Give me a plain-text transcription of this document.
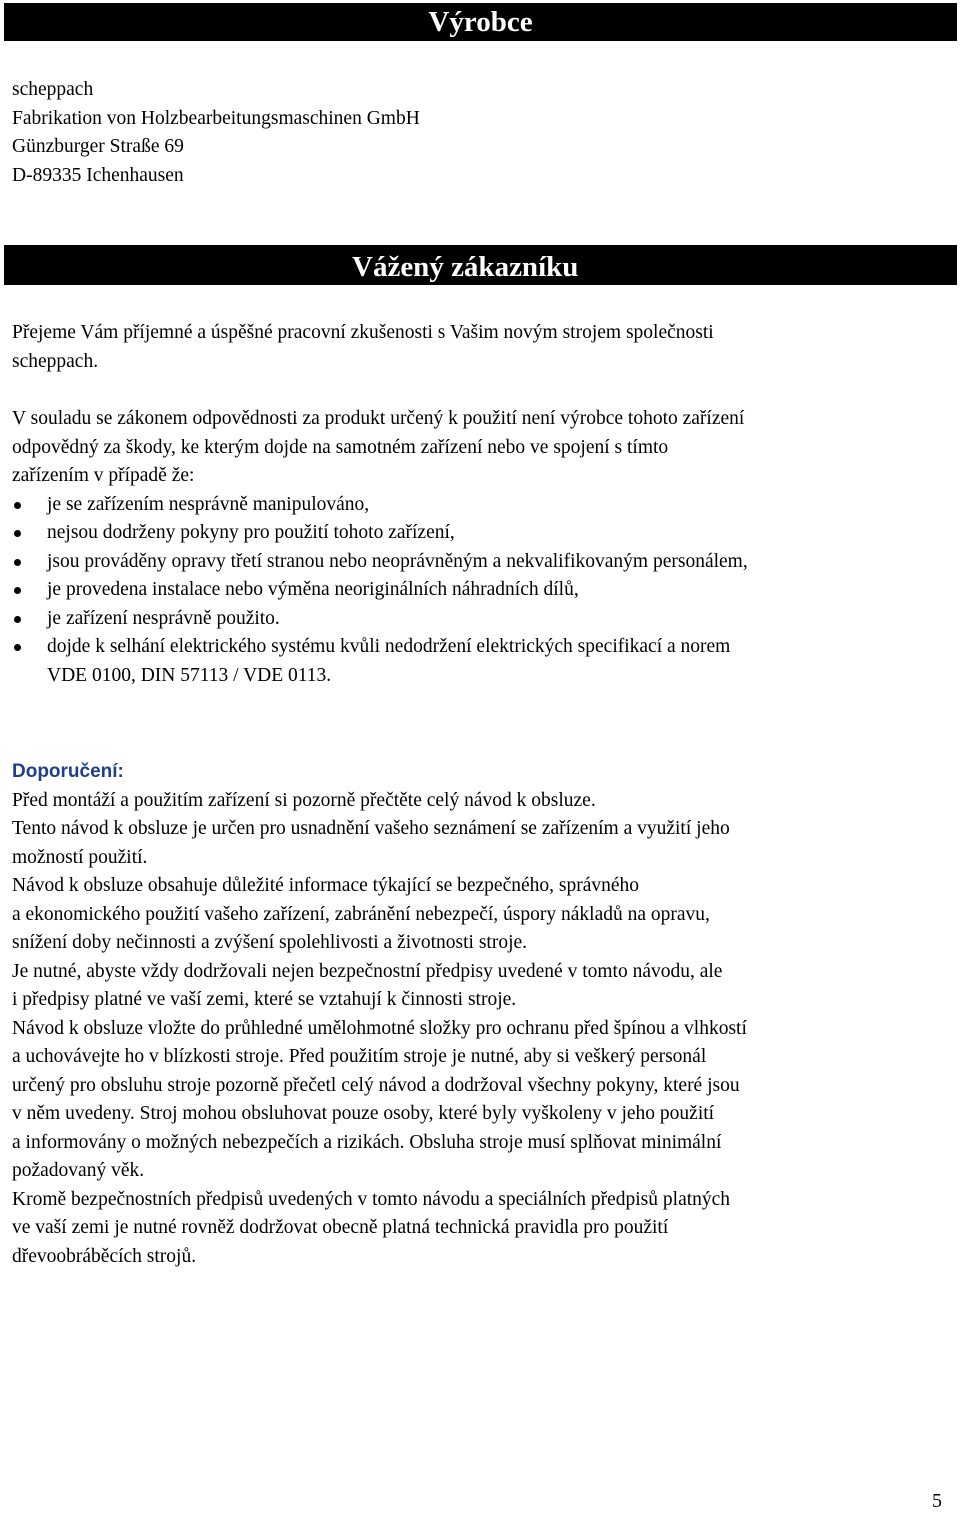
Výrobce

scheppach

Fabrikation von Holzbearbeitungsmaschinen GmbH

Günzburger Straße 69

D-89335 Ichenhausen

Vážený zákazníku

Přejeme Vám příjemné a úspěšné pracovní zkušenosti s Vašim novým strojem společnosti

scheppach.

V souladu se zákonem odpovědnosti za produkt určený k použití není výrobce tohoto zařízení

odpovědný za škody, ke kterým dojde na samotném zařízení nebo ve spojení s tímto

zařízením v případě že:

je se zařízením nesprávně manipulováno,
nejsou dodrženy pokyny pro použití tohoto zařízení,
jsou prováděny opravy třetí stranou nebo neoprávněným a nekvalifikovaným personálem,
je provedena instalace nebo výměna neoriginálních náhradních dílů,
je zařízení nesprávně použito.
dojde k selhání elektrického systému kvůli nedodržení elektrických specifikací a norem
VDE 0100, DIN 57113 / VDE 0113.

Doporučení:

Před montáží a použitím zařízení si pozorně přečtěte celý návod k obsluze.

Tento návod k obsluze je určen pro usnadnění vašeho seznámení se zařízením a využití jeho

možností použití.

Návod k obsluze obsahuje důležité informace týkající se bezpečného, správného

a ekonomického použití vašeho zařízení, zabránění nebezpečí, úspory nákladů na opravu,

snížení doby nečinnosti a zvýšení spolehlivosti a životnosti stroje.

Je nutné, abyste vždy dodržovali nejen bezpečnostní předpisy uvedené v tomto návodu, ale

i předpisy platné ve vaší zemi, které se vztahují k činnosti stroje.

Návod k obsluze vložte do průhledné umělohmotné složky pro ochranu před špínou a vlhkostí

a uchovávejte ho v blízkosti stroje. Před použitím stroje je nutné, aby si veškerý personál

určený pro obsluhu stroje pozorně přečetl celý návod a dodržoval všechny pokyny, které jsou

v něm uvedeny. Stroj mohou obsluhovat pouze osoby, které byly vyškoleny v jeho použití

a informovány o možných nebezpečích a rizikách. Obsluha stroje musí splňovat minimální

požadovaný věk.

Kromě bezpečnostních předpisů uvedených v tomto návodu a speciálních předpisů platných

ve vaší zemi je nutné rovněž dodržovat obecně platná technická pravidla pro použití

dřevoobráběcích strojů.

5
